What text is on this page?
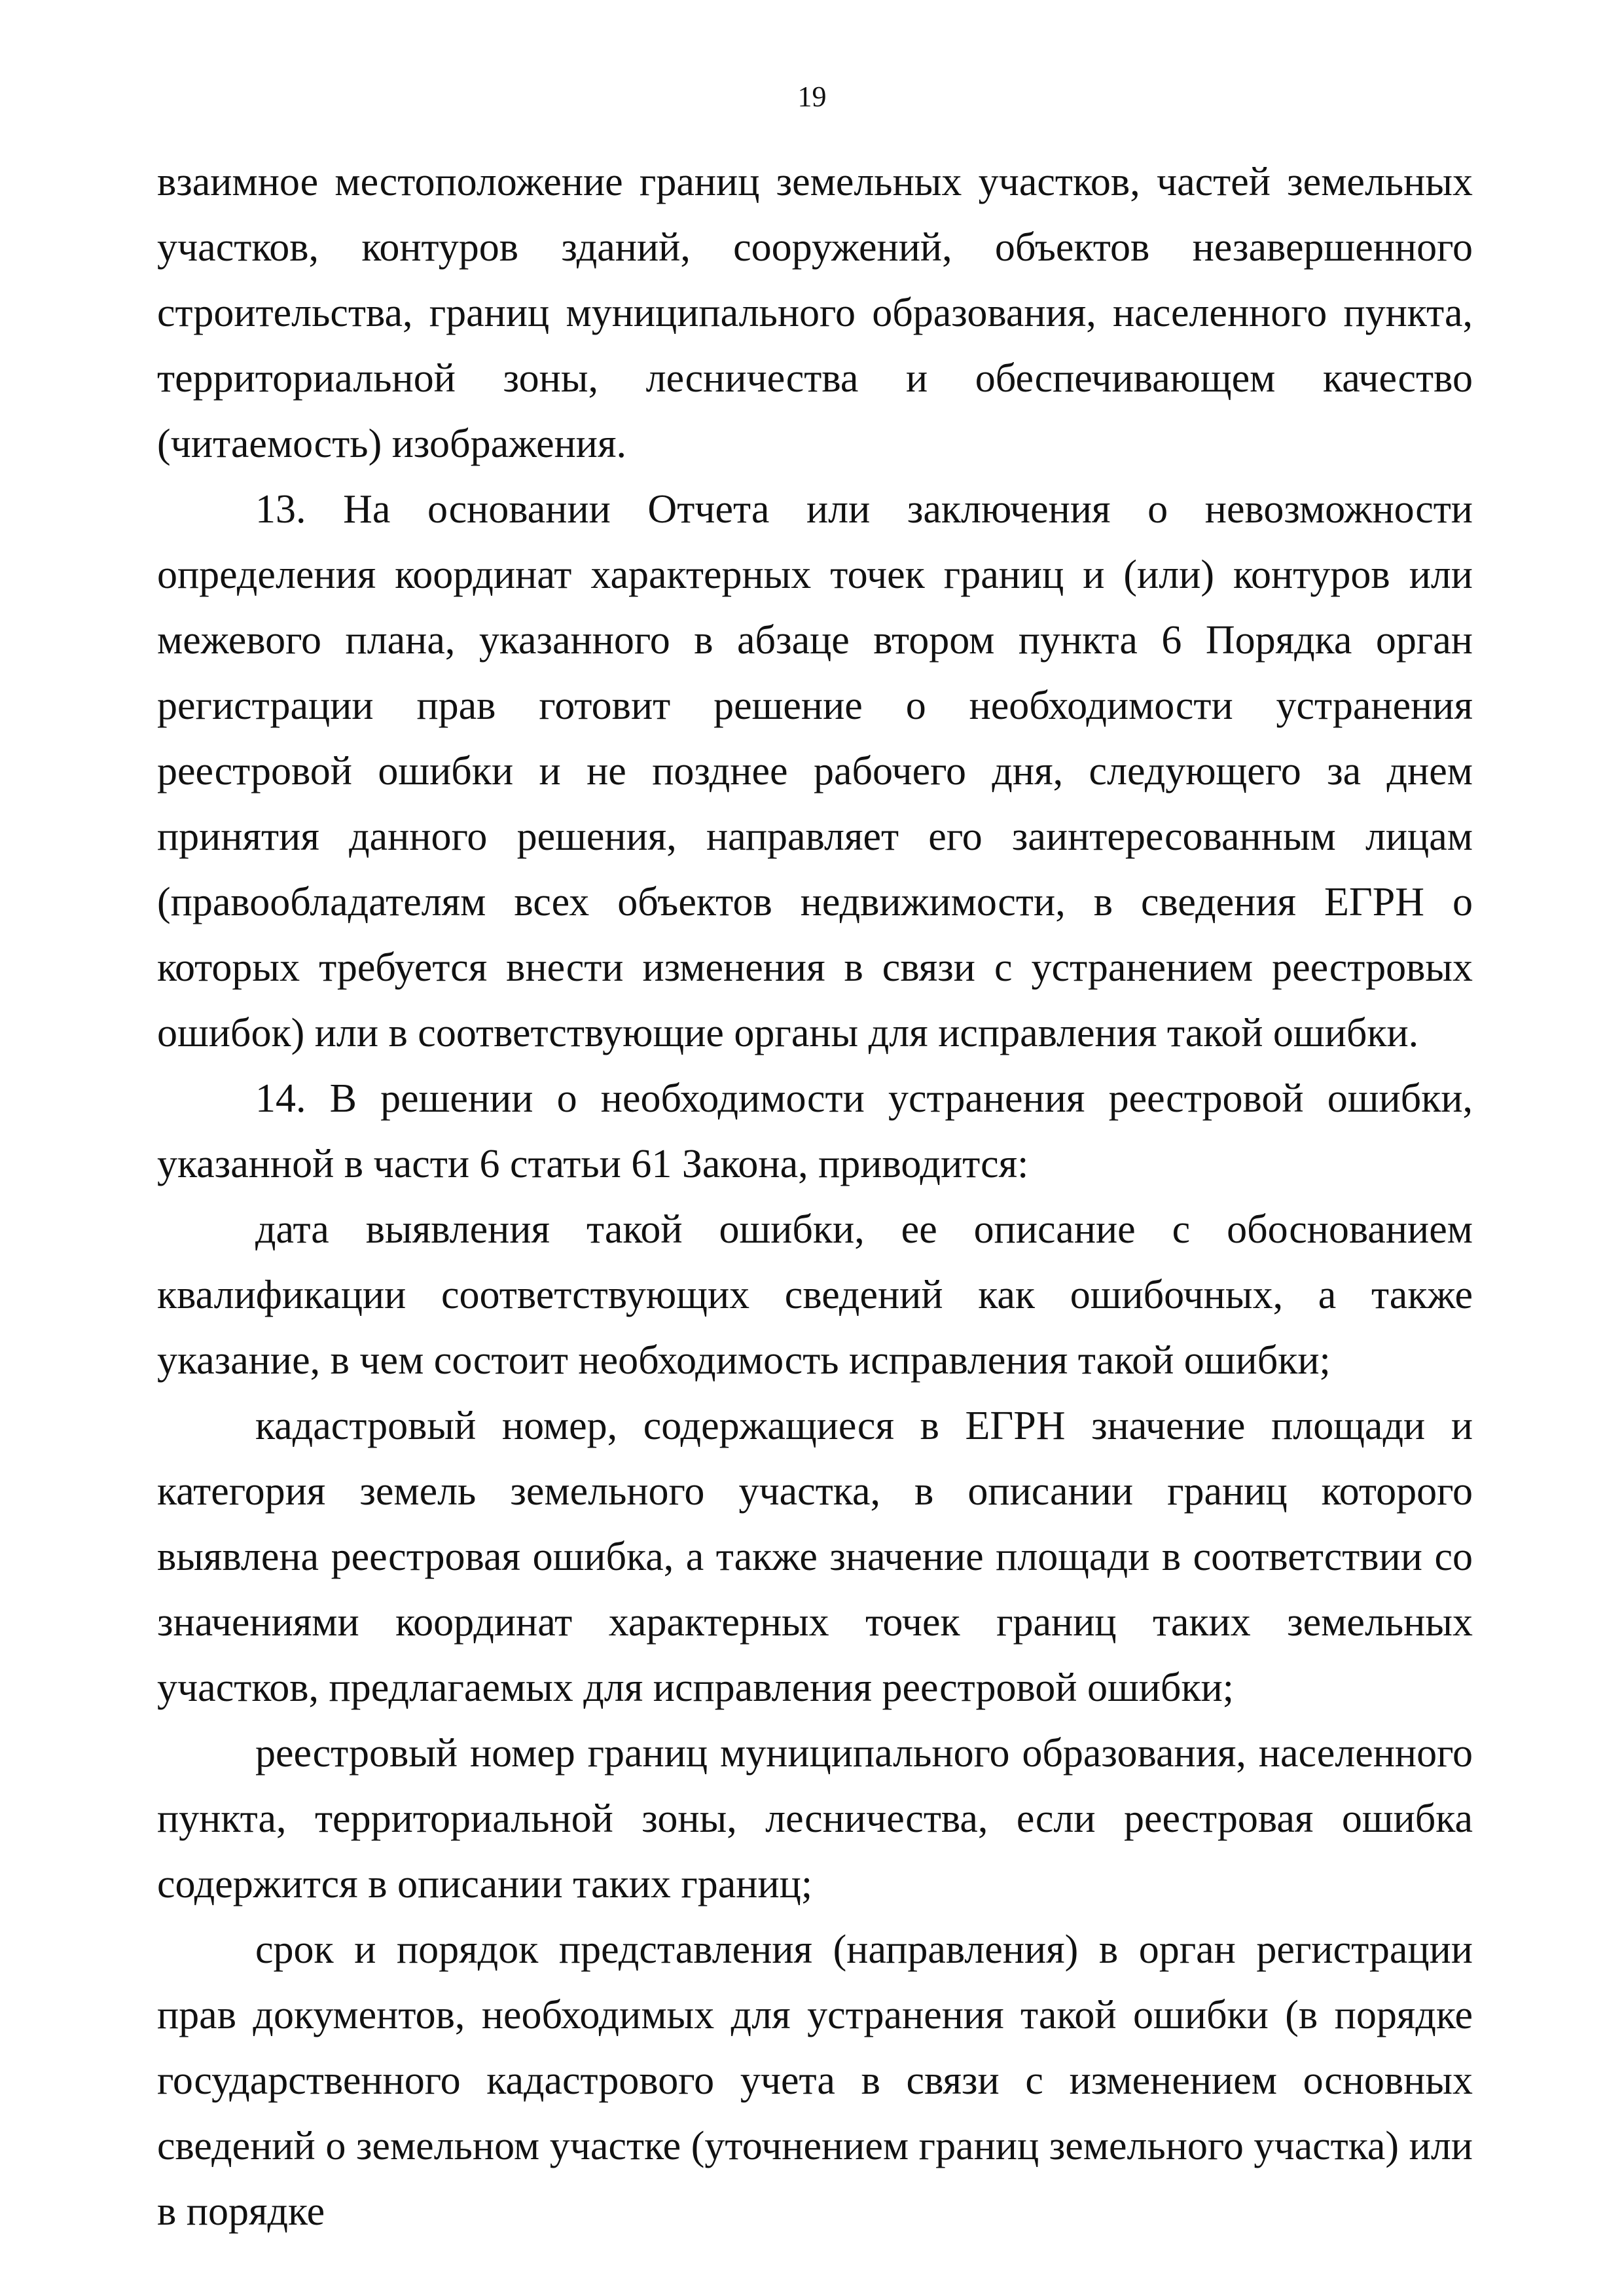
19

взаимное местоположение границ земельных участков, частей земельных участков, контуров зданий, сооружений, объектов незавершенного строительства, границ муниципального образования, населенного пункта, территориальной зоны, лесничества и обеспечивающем качество (читаемость) изображения.

13. На основании Отчета или заключения о невозможности определения координат характерных точек границ и (или) контуров или межевого плана, указанного в абзаце втором пункта 6 Порядка орган регистрации прав готовит решение о необходимости устранения реестровой ошибки и не позднее рабочего дня, следующего за днем принятия данного решения, направляет его заинтересованным лицам (правообладателям всех объектов недвижимости, в сведения ЕГРН о которых требуется внести изменения в связи с устранением реестровых ошибок) или в соответствующие органы для исправления такой ошибки.

14. В решении о необходимости устранения реестровой ошибки, указанной в части 6 статьи 61 Закона, приводится:

дата выявления такой ошибки, ее описание с обоснованием квалификации соответствующих сведений как ошибочных, а также указание, в чем состоит необходимость исправления такой ошибки;

кадастровый номер, содержащиеся в ЕГРН значение площади и категория земель земельного участка, в описании границ которого выявлена реестровая ошибка, а также значение площади в соответствии со значениями координат характерных точек границ таких земельных участков, предлагаемых для исправления реестровой ошибки;

реестровый номер границ муниципального образования, населенного пункта, территориальной зоны, лесничества, если реестровая ошибка содержится в описании таких границ;

срок и порядок представления (направления) в орган регистрации прав документов, необходимых для устранения такой ошибки (в порядке государственного кадастрового учета в связи с изменением основных сведений о земельном участке (уточнением границ земельного участка) или в порядке
